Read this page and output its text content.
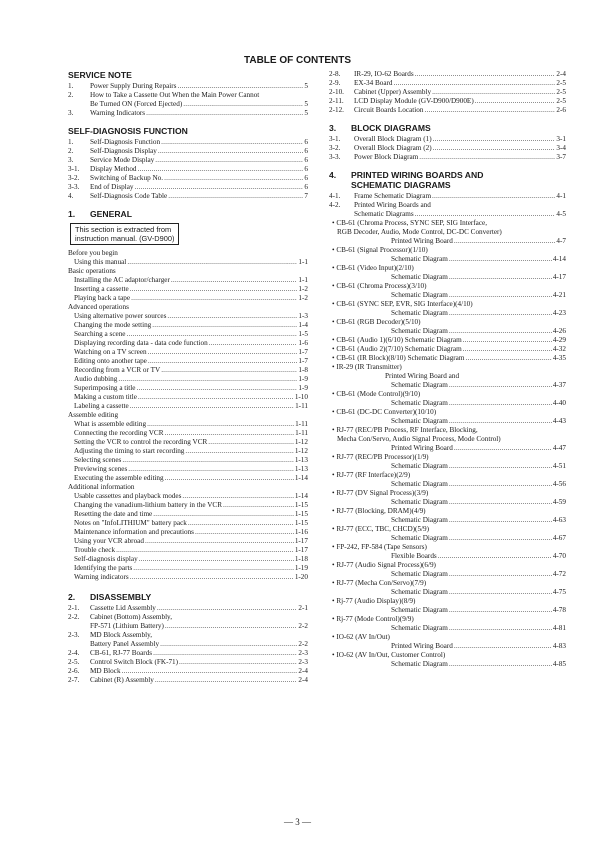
TABLE OF CONTENTS
SERVICE NOTE
1.	Power Supply During Repairs .....	5
2.	How to Take a Cassette Out When the Main Power Cannot
Be Turned ON (Forced Ejected) .....	5
3.	Warning Indicators .....	5
SELF-DIAGNOSIS FUNCTION
1.	Self-Diagnosis Function .....	6
2.	Self-Diagnosis Display .....	6
3.	Service Mode Display .....	6
3-1.	Display Method .....	6
3-2.	Switching of Backup No. .....	6
3-3.	End of Display .....	6
4.	Self-Diagnosis Code Table .....	7
1.	GENERAL
This section is extracted from
instruction manual. (GV-D900)
Before you begin
Using this manual .....	1-1
Basic operations
Installing the AC adaptor/charger .....	1-1
Inserting a cassette .....	1-2
Playing back a tape .....	1-2
Advanced operations
Using alternative power sources .....	1-3
Changing the mode setting .....	1-4
Searching a scene .....	1-5
Displaying recording data - data code function .....	1-6
Watching on a TV screen .....	1-7
Editing onto another tape .....	1-7
Recording from a VCR or TV .....	1-8
Audio dubbing .....	1-9
Superimposing a title .....	1-9
Making a custom title .....	1-10
Labeling a cassette .....	1-11
Assemble editing
What is assemble editing .....	1-11
Connecting the recording VCR .....	1-11
Setting the VCR to control the recording VCR .....	1-12
Adjusting the timing to start recording .....	1-12
Selecting scenes .....	1-13
Previewing scenes .....	1-13
Executing the assemble editing .....	1-14
Additional information
Usable cassettes and playback modes .....	1-14
Changing the vanadium-lithium battery in the VCR .....	1-15
Resetting the date and time .....	1-15
Notes on "InfoLITHIUM" battery pack .....	1-15
Maintenance information and precautions .....	1-16
Using your VCR abroad .....	1-17
Trouble check .....	1-17
Self-diagnosis display .....	1-18
Identifying the parts .....	1-19
Warning indicators .....	1-20
2.	DISASSEMBLY
2-1.	Cassette Lid Assembly .....	2-1
2-2.	Cabinet (Bottom) Assembly,
FP-571 (Lithium Battery) .....	2-2
2-3.	MD Block Assembly,
Battery Panel Assembly .....	2-2
2-4.	CB-61, RJ-77 Boards .....	2-3
2-5.	Control Switch Block (FK-71) .....	2-3
2-6.	MD Block .....	2-4
2-7.	Cabinet (R) Assembly .....	2-4
2-8.	IR-29, IO-62 Boards .....	2-4
2-9.	EX-34 Board .....	2-5
2-10.	Cabinet (Upper) Assembly .....	2-5
2-11.	LCD Display Module (GV-D900/D900E) .....	2-5
2-12.	Circuit Boards Location .....	2-6
3.	BLOCK DIAGRAMS
3-1.	Overall Block Diagram (1) .....	3-1
3-2.	Overall Block Diagram (2) .....	3-4
3-3.	Power Block Diagram .....	3-7
4.	PRINTED WIRING BOARDS AND
SCHEMATIC DIAGRAMS
4-1.	Frame Schematic Diagram .....	4-1
4-2.	Printed Wiring Boards and
Schematic Diagrams .....	4-5
• CB-61 (Chroma Process, SYNC SEP, SIG Interface,
RGB Decoder, Audio, Mode Control, DC-DC Converter)
Printed Wiring Board .....	4-7
• CB-61 (Signal Processor)(1/10)
Schematic Diagram .....	4-14
• CB-61 (Video Input)(2/10)
Schematic Diagram .....	4-17
• CB-61 (Chroma Process)(3/10)
Schematic Diagram .....	4-21
• CB-61 (SYNC SEP, EVR, SIG Interface)(4/10)
Schematic Diagram .....	4-23
• CB-61 (RGB Decoder)(5/10)
Schematic Diagram .....	4-26
• CB-61 (Audio 1)(6/10) Schematic Diagram .....	4-29
• CB-61 (Audio 2)(7/10) Schematic Diagram .....	4-32
• CB-61 (IR Block)(8/10) Schematic Diagram .....	4-35
• IR-29 (IR Transmitter)
Printed Wiring Board and
Schematic Diagram .....	4-37
• CB-61 (Mode Control)(9/10)
Schematic Diagram .....	4-40
• CB-61 (DC-DC Converter)(10/10)
Schematic Diagram .....	4-43
• RJ-77 (REC/PB Process, RF Interface, Blocking,
Mecha Con/Servo, Audio Signal Process, Mode Control)
Printed Wiring Board .....	4-47
• RJ-77 (REC/PB Processor)(1/9)
Schematic Diagram .....	4-51
• RJ-77 (RF Interface)(2/9)
Schematic Diagram .....	4-56
• RJ-77 (DV Signal Process)(3/9)
Schematic Diagram .....	4-59
• RJ-77 (Blocking, DRAM)(4/9)
Schematic Diagram .....	4-63
• RJ-77 (ECC, TBC, CHCD)(5/9)
Schematic Diagram .....	4-67
• FP-242, FP-584 (Tape Sensors)
Flexible Boards .....	4-70
• RJ-77 (Audio Signal Process)(6/9)
Schematic Diagram .....	4-72
• RJ-77 (Mecha Con/Servo)(7/9)
Schematic Diagram .....	4-75
• Rj-77 (Audio Display)(8/9)
Schematic Diagram .....	4-78
• Rj-77 (Mode Control)(9/9)
Schematic Diagram .....	4-81
• IO-62 (AV In/Out)
Printed Wiring Board .....	4-83
• IO-62 (AV In/Out, Customer Control)
Schematic Diagram .....	4-85
— 3 —
